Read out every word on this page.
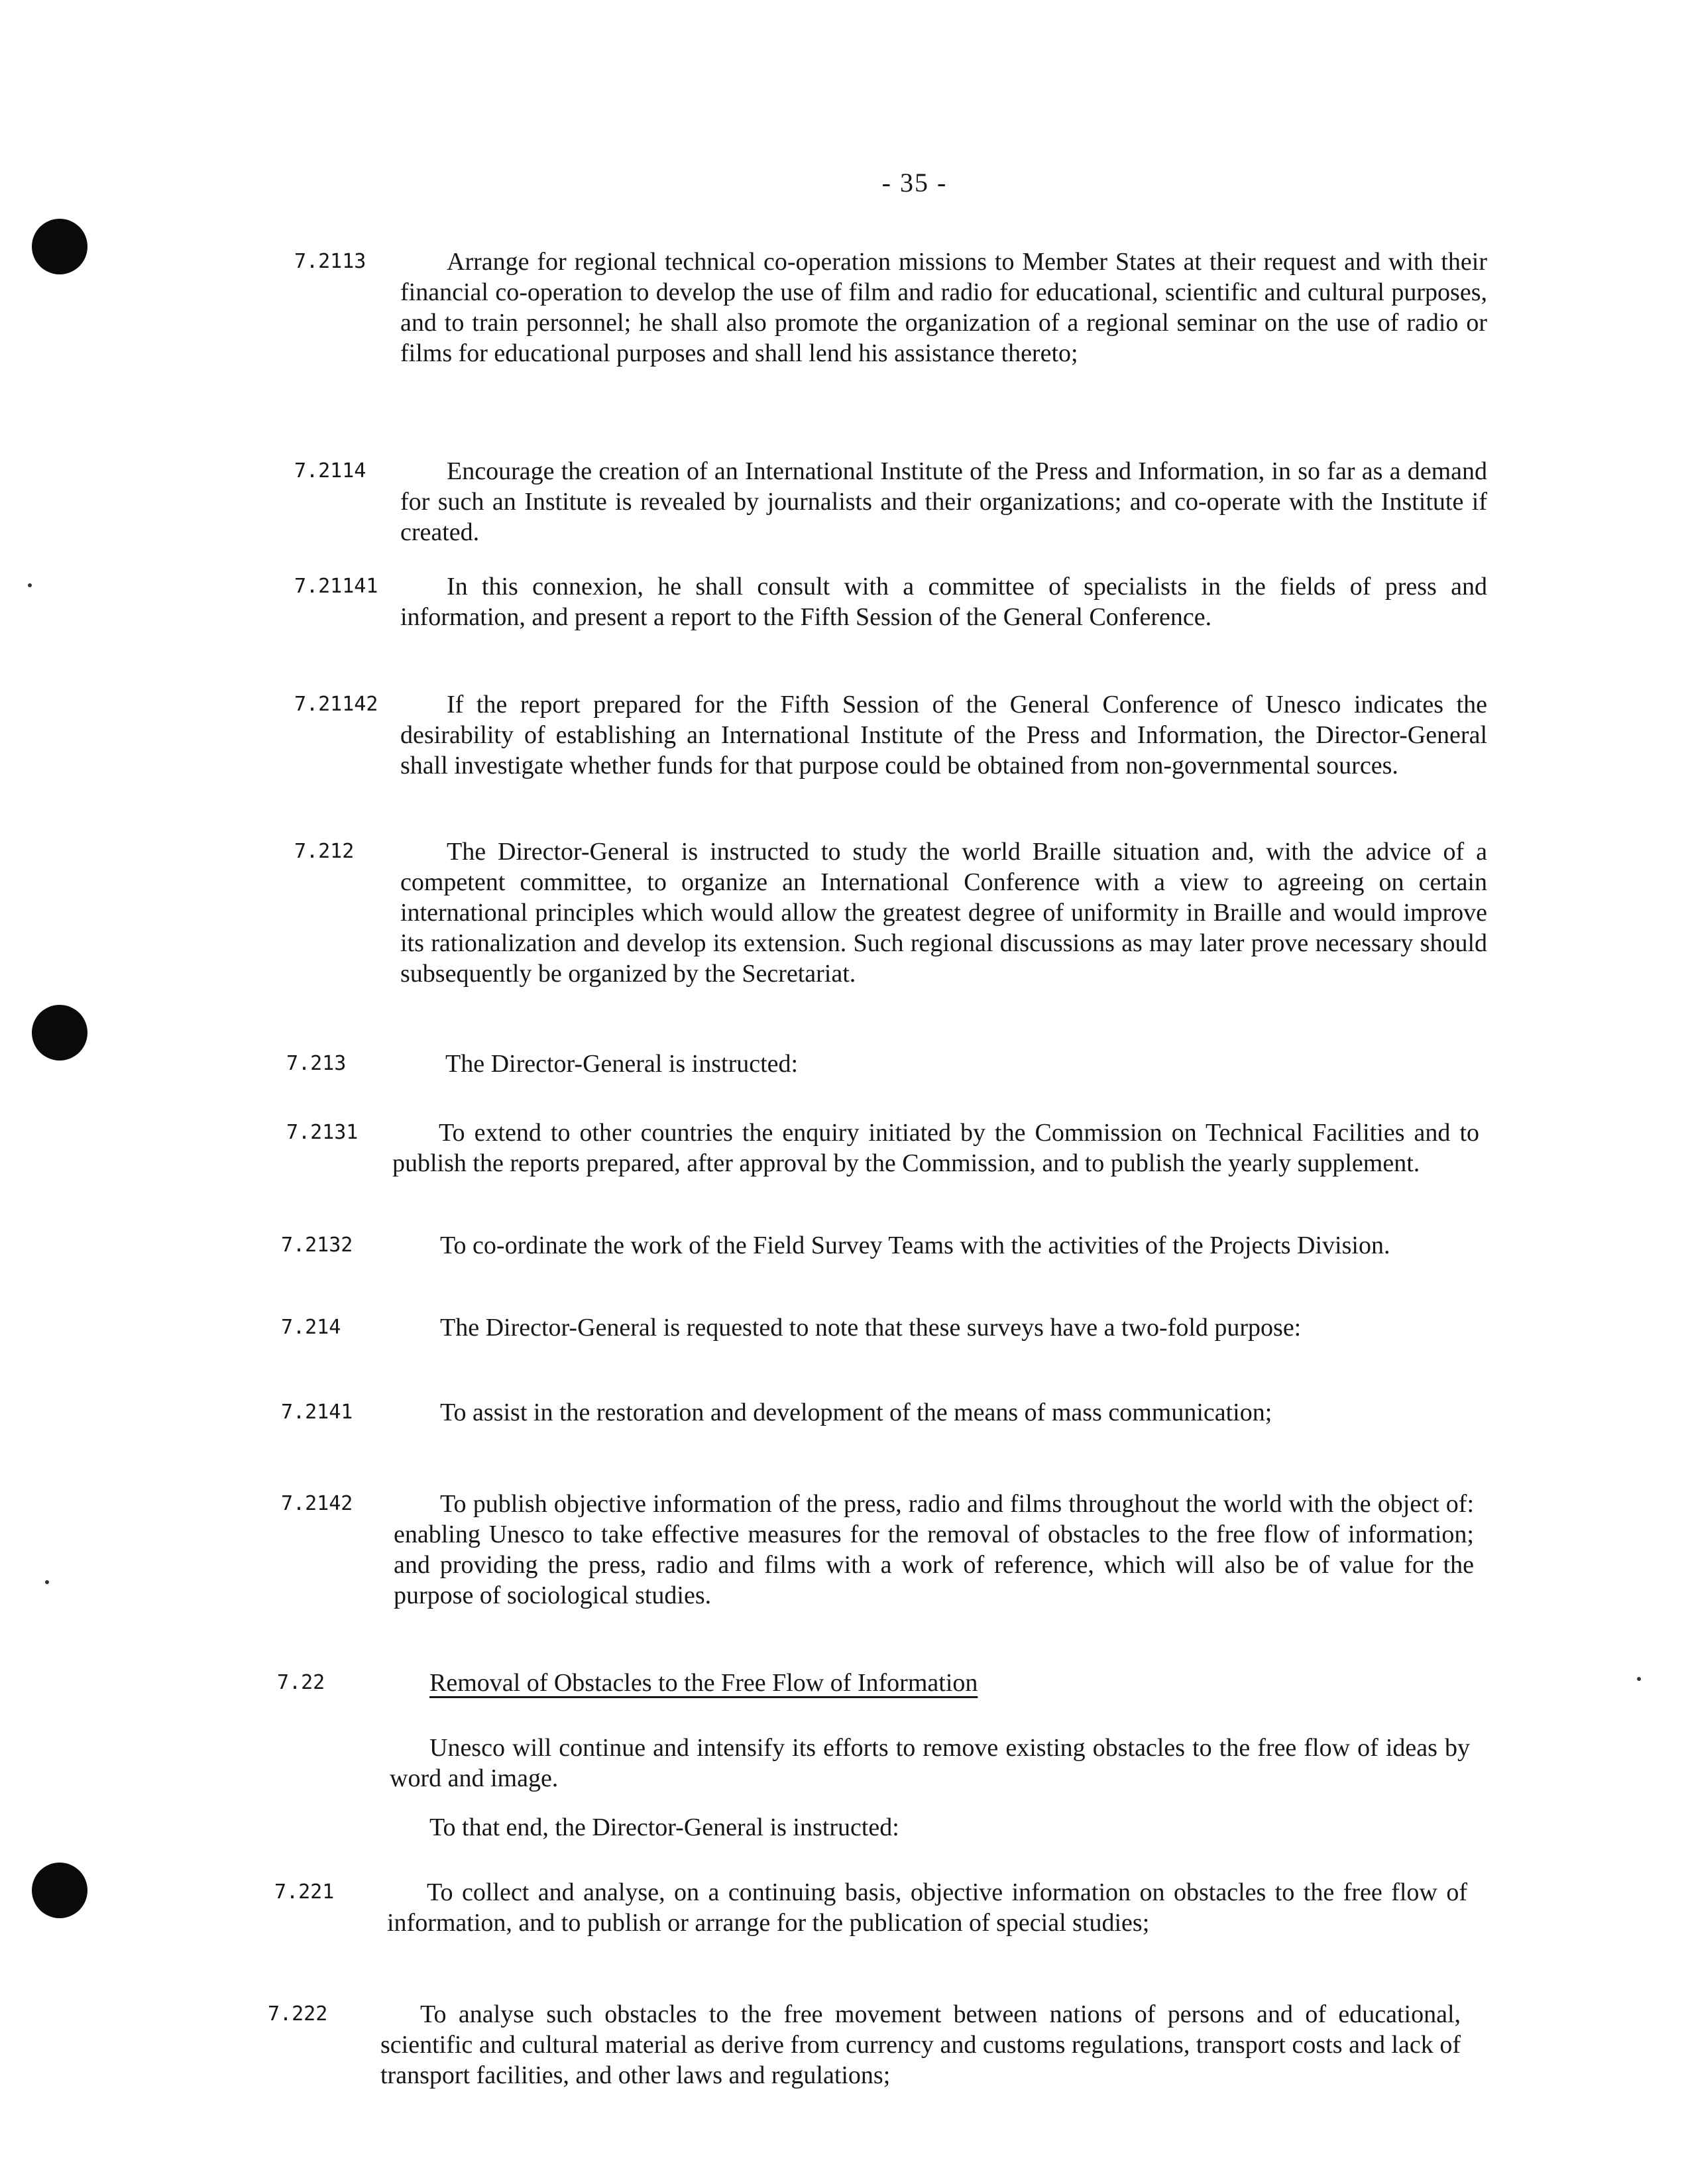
- 35 -
7.2113	Arrange for regional technical co-operation missions to Member States at their request and with their financial co-operation to develop the use of film and radio for educational, scientific and cultural purposes, and to train personnel; he shall also promote the organization of a regional seminar on the use of radio or films for educational purposes and shall lend his assistance thereto;
7.2114	Encourage the creation of an International Institute of the Press and Information, in so far as a demand for such an Institute is revealed by journalists and their organizations; and co-operate with the Institute if created.
7.21141	In this connexion, he shall consult with a committee of specialists in the fields of press and information, and present a report to the Fifth Session of the General Conference.
7.21142	If the report prepared for the Fifth Session of the General Conference of Unesco indicates the desirability of establishing an International Institute of the Press and Information, the Director-General shall investigate whether funds for that purpose could be obtained from non-governmental sources.
7.212	The Director-General is instructed to study the world Braille situation and, with the advice of a competent committee, to organize an International Conference with a view to agreeing on certain international principles which would allow the greatest degree of uniformity in Braille and would improve its rationalization and develop its extension. Such regional discussions as may later prove necessary should subsequently be organized by the Secretariat.
7.213	The Director-General is instructed:
7.2131	To extend to other countries the enquiry initiated by the Commission on Technical Facilities and to publish the reports prepared, after approval by the Commission, and to publish the yearly supplement.
7.2132	To co-ordinate the work of the Field Survey Teams with the activities of the Projects Division.
7.214	The Director-General is requested to note that these surveys have a two-fold purpose:
7.2141	To assist in the restoration and development of the means of mass communication;
7.2142	To publish objective information of the press, radio and films throughout the world with the object of: enabling Unesco to take effective measures for the removal of obstacles to the free flow of information; and providing the press, radio and films with a work of reference, which will also be of value for the purpose of sociological studies.
7.22	Removal of Obstacles to the Free Flow of Information
Unesco will continue and intensify its efforts to remove existing obstacles to the free flow of ideas by word and image.
To that end, the Director-General is instructed:
7.221	To collect and analyse, on a continuing basis, objective information on obstacles to the free flow of information, and to publish or arrange for the publication of special studies;
7.222	To analyse such obstacles to the free movement between nations of persons and of educational, scientific and cultural material as derive from currency and customs regulations, transport costs and lack of transport facilities, and other laws and regulations;
